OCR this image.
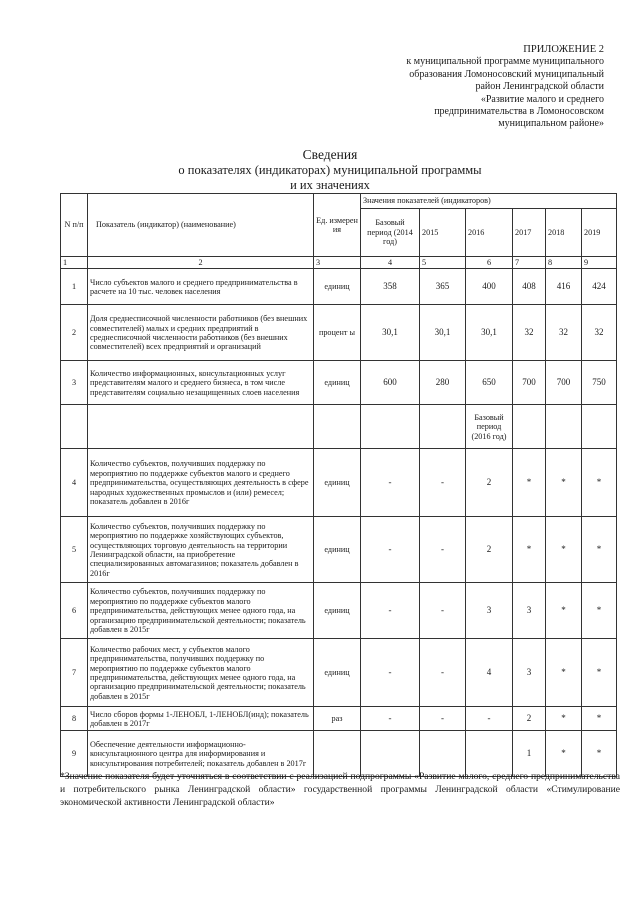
ПРИЛОЖЕНИЕ 2
к муниципальной программе муниципального
образования Ломоносовский муниципальный
район Ленинградской области
«Развитие малого и среднего
предпринимательства в Ломоносовском
муниципальном районе»
Сведения
о показателях (индикаторах) муниципальной программы
и их значениях
N п/п	Показатель (индикатор) (наименование)	Ед. измерен ия	Значения показателей (индикаторов)					
			Базовый период (2014 год)	2015	2016	2017	2018	2019
1	2	3	4	5	6	7	8	9
1	Число субъектов малого и среднего предпринимательства в расчете на 10 тыс. человек населения	единиц	358	365	400	408	416	424
2	Доля среднесписочной численности работников (без внешних совместителей) малых и средних предприятий в среднесписочной численности работников (без внешних совместителей) всех предприятий и организаций	процент ы	30,1	30,1	30,1	32	32	32
3	Количество информационных, консультационных услуг представителям малого и среднего бизнеса, в том числе представителям социально незащищенных слоев населения	единиц	600	280	650	700	700	750
					Базовый период (2016 год)			
4	Количество субъектов, получивших поддержку по мероприятию по поддержке субъектов малого и среднего предпринимательства, осуществляющих деятельность в сфере народных художественных промыслов и (или) ремесел; показатель добавлен в 2016г	единиц	-	-	2	*	*	*
5	Количество субъектов, получивших поддержку по мероприятию по поддержке хозяйствующих субъектов, осуществляющих торговую деятельность на территории Ленинградской области, на приобретение специализированных автомагазинов; показатель добавлен в 2016г	единиц	-	-	2	*	*	*
6	Количество субъектов, получивших поддержку по мероприятию по поддержке субъектов малого предпринимательства, действующих менее одного года, на организацию предпринимательской деятельности; показатель добавлен в 2015г	единиц	-	-	3	3	*	*
7	Количество рабочих мест, у субъектов малого предпринимательства, получивших поддержку по мероприятию по поддержке субъектов малого предпринимательства, действующих менее одного года, на организацию предпринимательской деятельности; показатель добавлен в 2015г	единиц	-	-	4	3	*	*
8	Число сборов формы 1-ЛЕНОБЛ, 1-ЛЕНОБЛ(инд); показатель добавлен в 2017г	раз	-	-	-	2	*	*
9	Обеспечение деятельности информационно-консультационного центра для информирования и консультирования потребителей; показатель добавлен в 2017г					1	*	*
*Значение показателя будет уточняться в соответствии с реализацией подпрограммы «Развитие малого, среднего предпринимательства и потребительского рынка Ленинградской области» государственной программы Ленинградской области «Стимулирование экономической активности Ленинградской области»
